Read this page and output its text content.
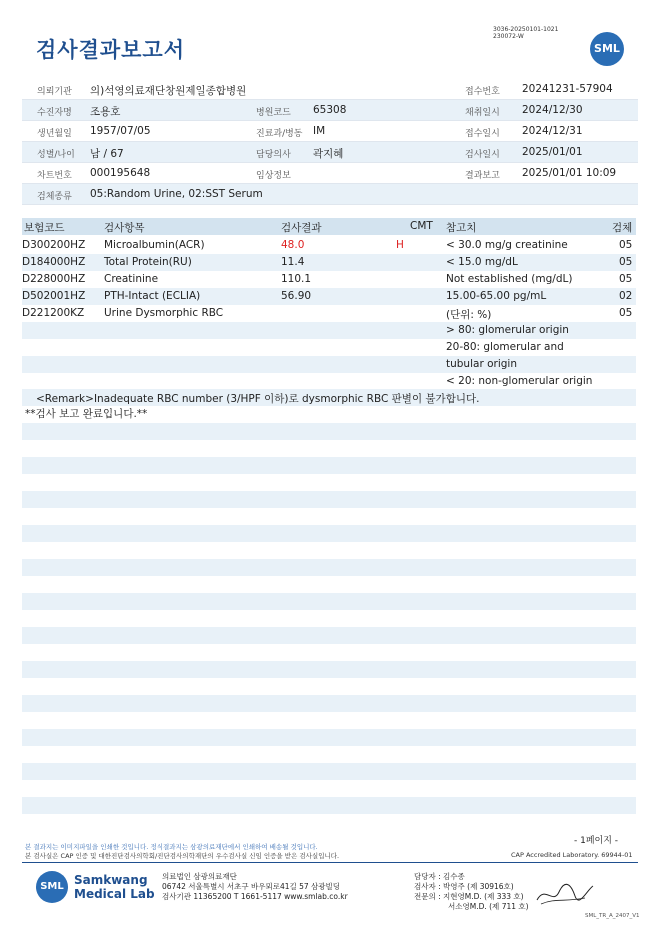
검사결과보고서
3036-20250101-1021
230072-W
SML
의뢰기관 의)석영의료재단창원제일종합병원	접수번호 20241231-57904
수진자명 조용호	병원코드 65308	채취일시 2024/12/30
생년월일 1957/07/05	진료과/병동 IM	접수일시 2024/12/31
성별/나이 남 / 67	담당의사 곽지혜	검사일시 2025/01/01
차트번호 000195648	임상정보	결과보고 2025/01/01 10:09
검체종류 05:Random Urine, 02:SST Serum
보험코드	검사항목	검사결과	CMT 참고치	검체
D300200HZ Microalbumin(ACR)	48.0	H	< 30.0 mg/g creatinine	05
D184000HZ Total Protein(RU)	11.4	< 15.0 mg/dL	05
D228000HZ Creatinine	110.1	Not established (mg/dL)	05
D502001HZ PTH-Intact (ECLIA)	56.90	15.00-65.00 pg/mL	02
D221200KZ Urine Dysmorphic RBC	(단위: %)	05
> 80: glomerular origin
20-80: glomerular and
tubular origin
< 20: non-glomerular origin
<Remark>Inadequate RBC number (3/HPF 이하)로 dysmorphic RBC 판별이 불가합니다.
**검사 보고 완료입니다.**
- 1페이지 -
본 결과지는 이미지파일을 인쇄한 것입니다. 정식결과지는 삼광의료재단에서 인쇄하여 배송될 것입니다.
본 검사실은 CAP 인증 및 대한진단검사의학회/진단검사의학재단의 우수검사실 신임 인증을 받은 검사실입니다.	CAP Accredited Laboratory. 69944-01
SML Samkwang
Medical Lab
의료법인 삼광의료재단
06742 서울특별시 서초구 바우뫼로41길 57 삼광빌딩
검사기관 11365200 T 1661-5117 www.smlab.co.kr
담당자 : 김수종
검사자 : 박영주 (제 30916호)
전문의 : 지현영M.D. (제 333 호)
서소영M.D. (제 711 호)
SML_TR_A_2407_V1
